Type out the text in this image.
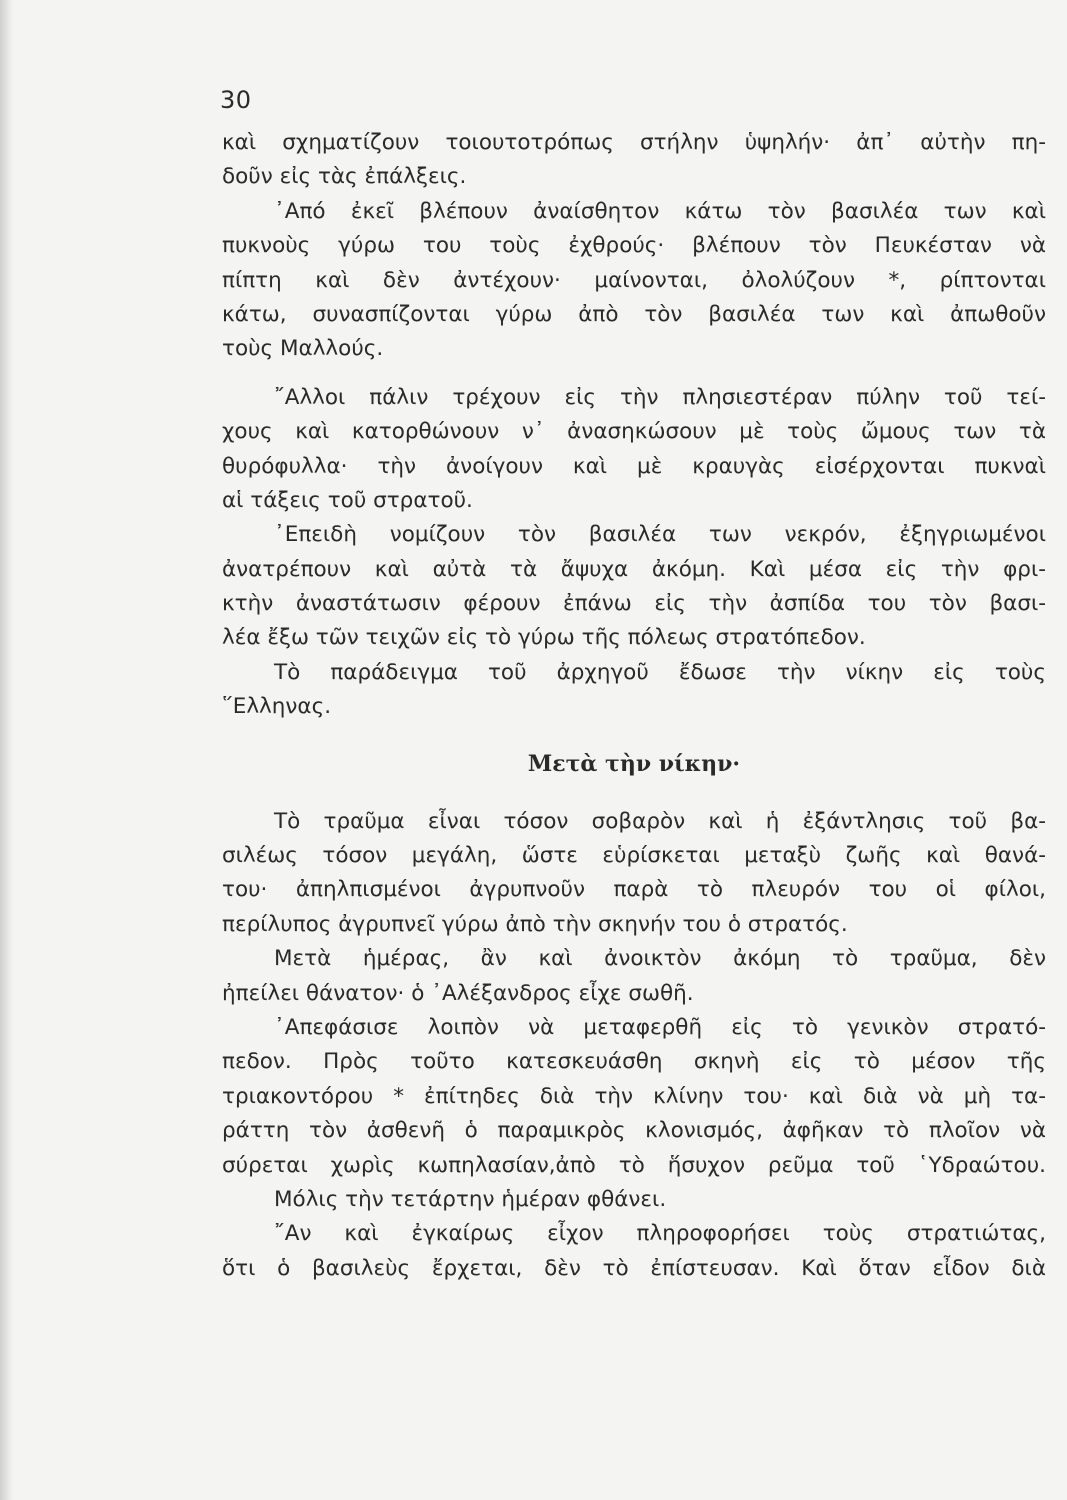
30
καὶ σχηματίζουν τοιουτοτρόπως στήλην ὑψηλήν· ἀπ᾽ αὐτὴν πη-
δοῦν εἰς τὰς ἐπάλξεις.
᾽Από ἐκεῖ βλέπουν ἀναίσθητον κάτω τὸν βασιλέα των καὶ
πυκνοὺς γύρω του τοὺς ἐχθρούς· βλέπουν τὸν Πευκέσταν νὰ
πίπτη καὶ δὲν ἀντέχουν· μαίνονται, ὀλολύζουν *, ρίπτονται
κάτω, συνασπίζονται γύρω ἀπὸ τὸν βασιλέα των καὶ ἀπωθοῦν
τοὺς Μαλλούς.
῎Αλλοι πάλιν τρέχουν εἰς τὴν πλησιεστέραν πύλην τοῦ τεί-
χους καὶ κατορθώνουν ν᾽ ἀνασηκώσουν μὲ τοὺς ὤμους των τὰ
θυρόφυλλα· τὴν ἀνοίγουν καὶ μὲ κραυγὰς εἰσέρχονται πυκναὶ
αἱ τάξεις τοῦ στρατοῦ.
᾽Επειδὴ νομίζουν τὸν βασιλέα των νεκρόν, ἐξηγριωμένοι
ἀνατρέπουν καὶ αὐτὰ τὰ ἄψυχα ἀκόμη. Καὶ μέσα εἰς τὴν φρι-
κτὴν ἀναστάτωσιν φέρουν ἐπάνω εἰς τὴν ἀσπίδα του τὸν βασι-
λέα ἔξω τῶν τειχῶν εἰς τὸ γύρω τῆς πόλεως στρατόπεδον.
Τὸ παράδειγμα τοῦ ἀρχηγοῦ ἔδωσε τὴν νίκην εἰς τοὺς
῞Ελληνας.
Μετὰ τὴν νίκην·
Τὸ τραῦμα εἶναι τόσον σοβαρὸν καὶ ἡ ἐξάντλησις τοῦ βα-
σιλέως τόσον μεγάλη, ὥστε εὑρίσκεται μεταξὺ ζωῆς καὶ θανά-
του· ἀπηλπισμένοι ἀγρυπνοῦν παρὰ τὸ πλευρόν του οἱ φίλοι,
περίλυπος ἀγρυπνεῖ γύρω ἀπὸ τὴν σκηνήν του ὁ στρατός.
Μετὰ ἡμέρας, ἂν καὶ ἀνοικτὸν ἀκόμη τὸ τραῦμα, δὲν
ἠπείλει θάνατον· ὁ ᾽Αλέξανδρος εἶχε σωθῆ.
᾽Απεφάσισε λοιπὸν νὰ μεταφερθῆ εἰς τὸ γενικὸν στρατό-
πεδον. Πρὸς τοῦτο κατεσκευάσθη σκηνὴ εἰς τὸ μέσον τῆς
τριακοντόρου * ἐπίτηδες διὰ τὴν κλίνην του· καὶ διὰ νὰ μὴ τα-
ράττη τὸν ἀσθενῆ ὁ παραμικρὸς κλονισμός, ἀφῆκαν τὸ πλοῖον νὰ
σύρεται χωρὶς κωπηλασίαν,ἀπὸ τὸ ἥσυχον ρεῦμα τοῦ ῾Υδραώτου.
Μόλις τὴν τετάρτην ἡμέραν φθάνει.
῎Αν καὶ ἐγκαίρως εἶχον πληροφορήσει τοὺς στρατιώτας,
ὅτι ὁ βασιλεὺς ἔρχεται, δὲν τὸ ἐπίστευσαν. Καὶ ὅταν εἶδον διὰ
